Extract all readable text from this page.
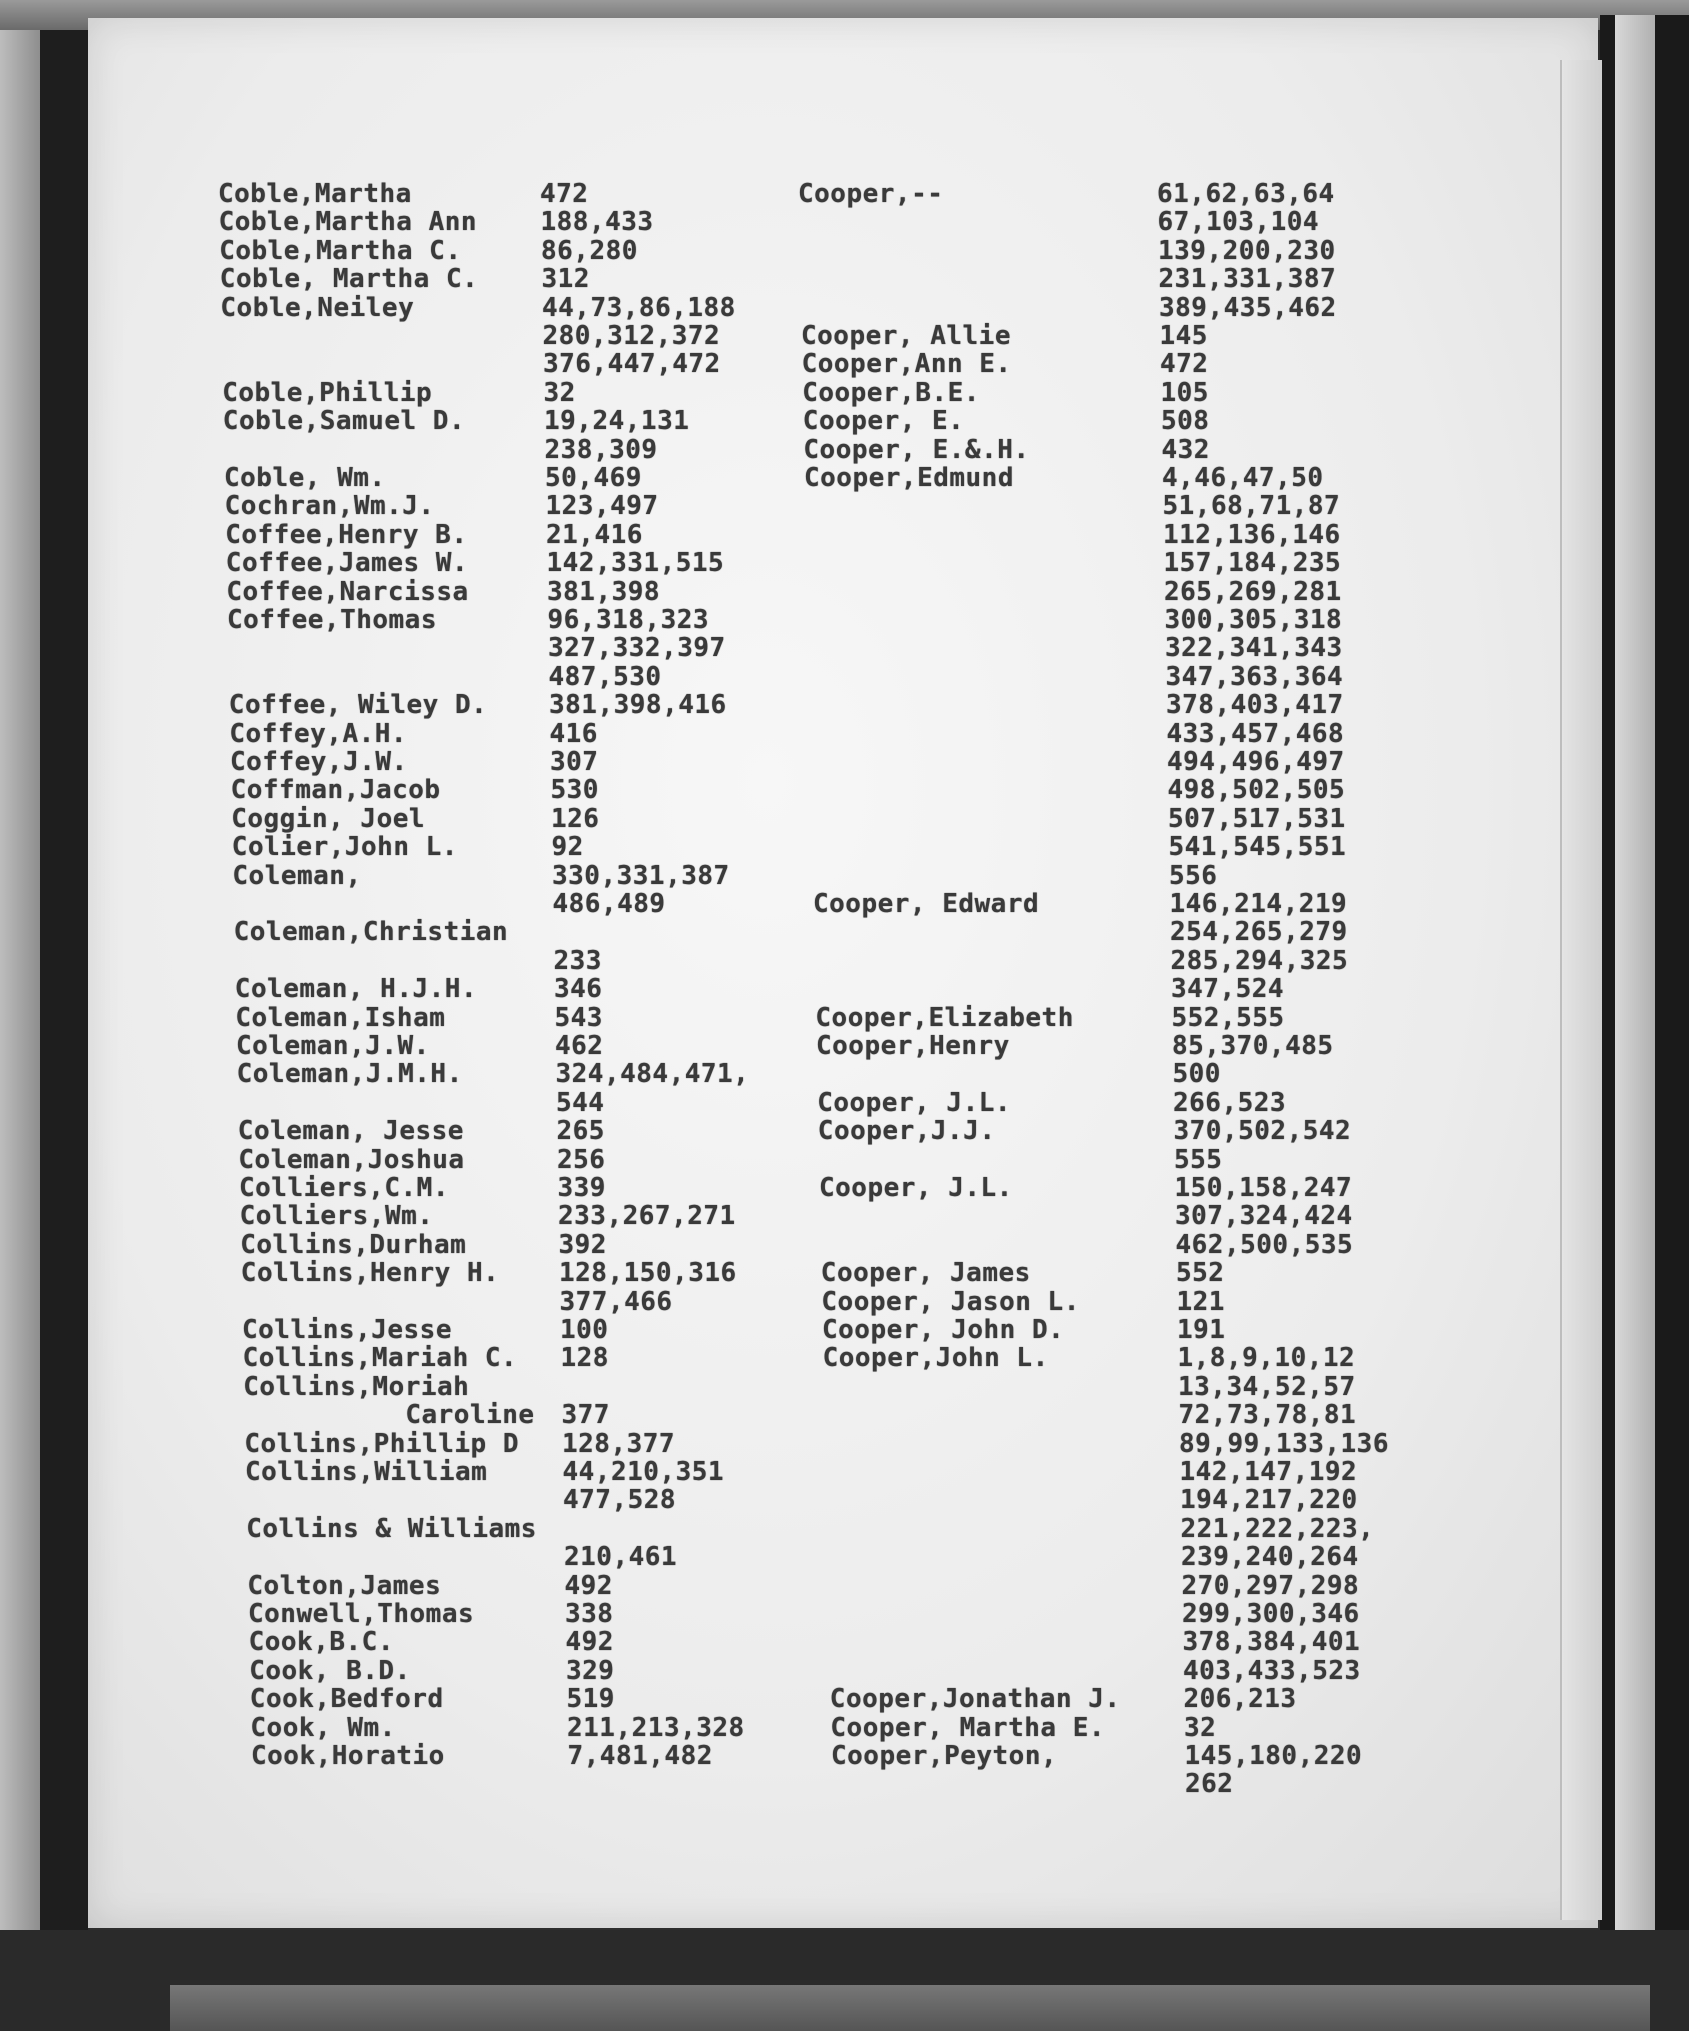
Coble,Martha	472
Coble,Martha Ann 188,433
Coble,Martha C.	86,280
Coble, Martha C. 312
Coble,Neiley	44,73,86,188
280,312,372
376,447,472
Coble,Phillip	32
Coble,Samuel D.	19,24,131
238,309
Coble, Wm.	50,469
Cochran,Wm.J.	123,497
Coffee,Henry B.	21,416
Coffee,James W.	142,331,515
Coffee,Narcissa	381,398
Coffee,Thomas	96,318,323
327,332,397
487,530
Coffee, Wiley D. 381,398,416
Coffey,A.H.	416
Coffey,J.W.	307
Coffman,Jacob	530
Coggin, Joel	126
Colier,John L.	92
Coleman,	330,331,387
486,489
Coleman,Christian
233
Coleman, H.J.H.	346
Coleman,Isham	543
Coleman,J.W.	462
Coleman,J.M.H.	324,484,471,
544
Coleman, Jesse	265
Coleman,Joshua	256
Colliers,C.M.	339
Colliers,Wm.	233,267,271
Collins,Durham	392
Collins,Henry H. 128,150,316
377,466
Collins,Jesse	100
Collins,Mariah C. 128
Collins,Moriah
Caroline 377
Collins,Phillip D 128,377
Collins,William	44,210,351
477,528
Collins & Williams
210,461
Colton,James	492
Conwell,Thomas	338
Cook,B.C.	492
Cook, B.D.	329
Cook,Bedford	519
Cook, Wm.	211,213,328
Cook,Horatio	7,481,482
Cooper,--	61,62,63,64
67,103,104
139,200,230
231,331,387
389,435,462
Cooper, Allie	145
Cooper,Ann E.	472
Cooper,B.E.	105
Cooper, E.	508
Cooper, E.&.H.	432
Cooper,Edmund	4,46,47,50
51,68,71,87
112,136,146
157,184,235
265,269,281
300,305,318
322,341,343
347,363,364
378,403,417
433,457,468
494,496,497
498,502,505
507,517,531
541,545,551
556
Cooper, Edward	146,214,219
254,265,279
285,294,325
347,524
Cooper,Elizabeth	552,555
Cooper,Henry	85,370,485
500
Cooper, J.L.	266,523
Cooper,J.J.	370,502,542
555
Cooper, J.L.	150,158,247
307,324,424
462,500,535
Cooper, James	552
Cooper, Jason L.	121
Cooper, John D.	191
Cooper,John L.	1,8,9,10,12
13,34,52,57
72,73,78,81
89,99,133,136
142,147,192
194,217,220
221,222,223,
239,240,264
270,297,298
299,300,346
378,384,401
403,433,523
Cooper,Jonathan J. 206,213
Cooper, Martha E.	32
Cooper,Peyton,	145,180,220
262
